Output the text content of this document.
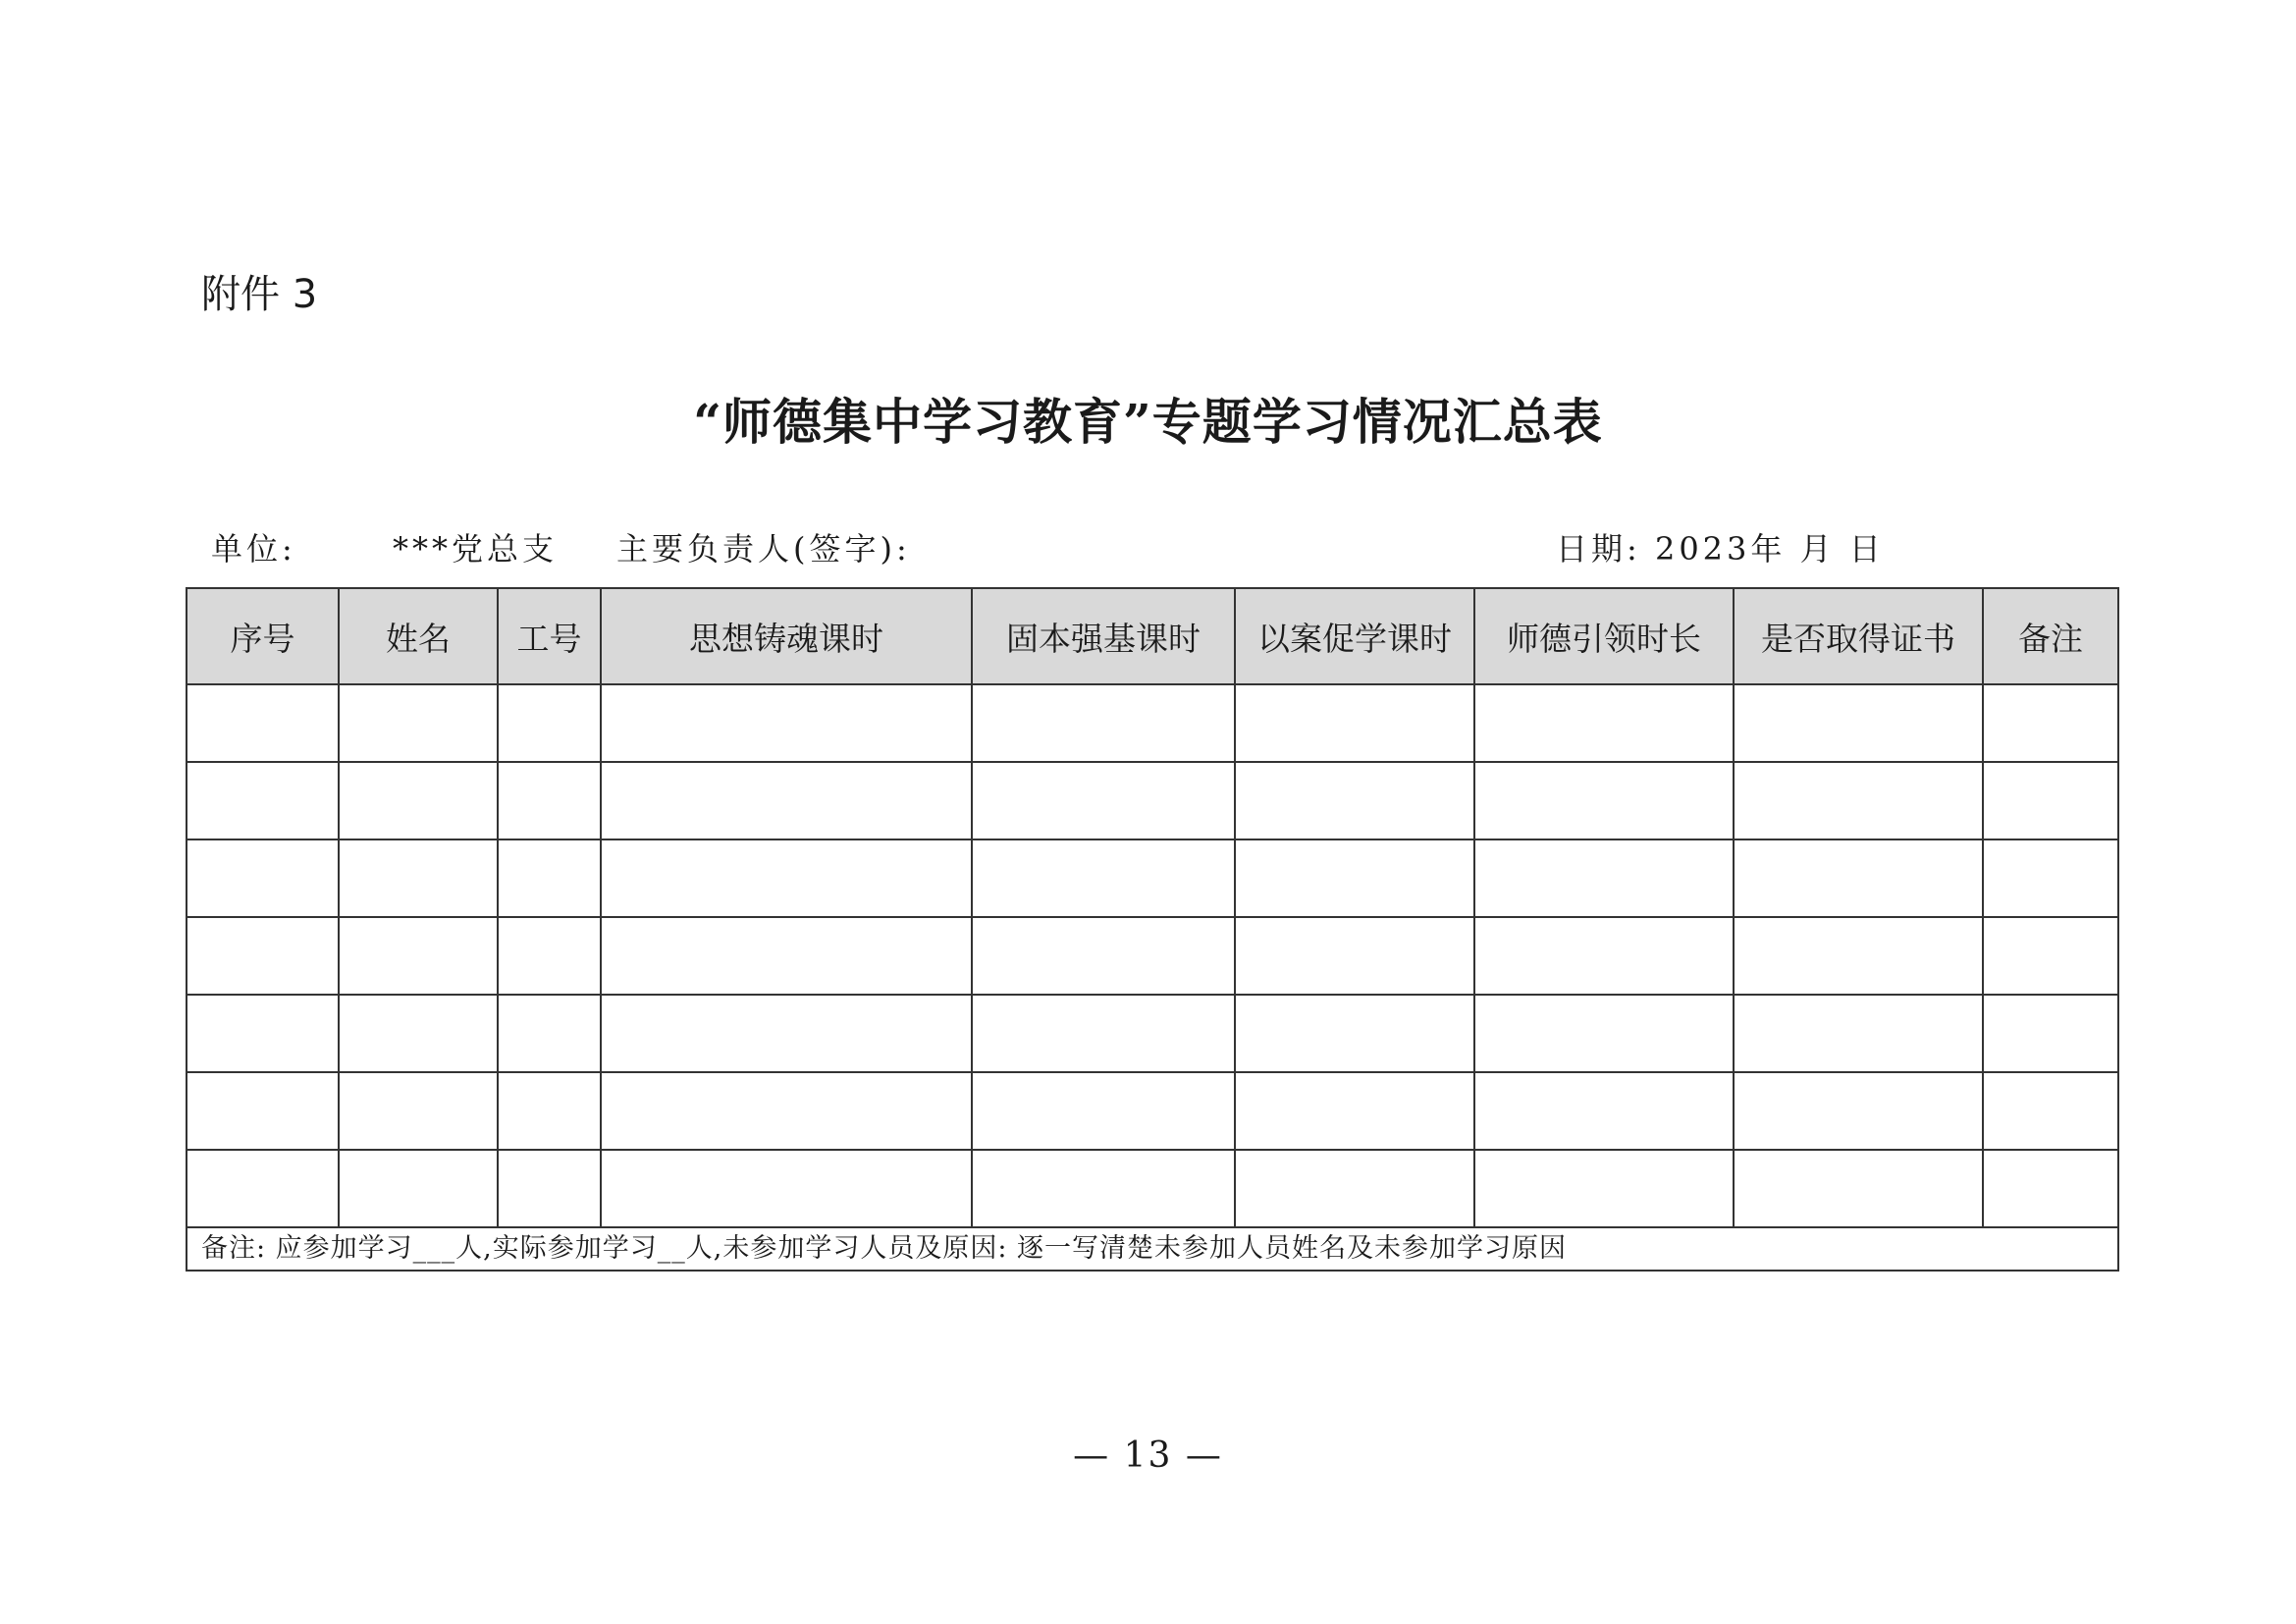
附件 3
“师德集中学习教育”专题学习情况汇总表
单位:	***党总支 主要负责人(签字):	日期: 2023年 月 日
序号	姓名	工号	思想铸魂课时	固本强基课时	以案促学课时	师德引领时长	是否取得证书	备注

备注: 应参加学习___人,实际参加学习__人,未参加学习人员及原因: 逐一写清楚未参加人员姓名及未参加学习原因								
— 13 —
